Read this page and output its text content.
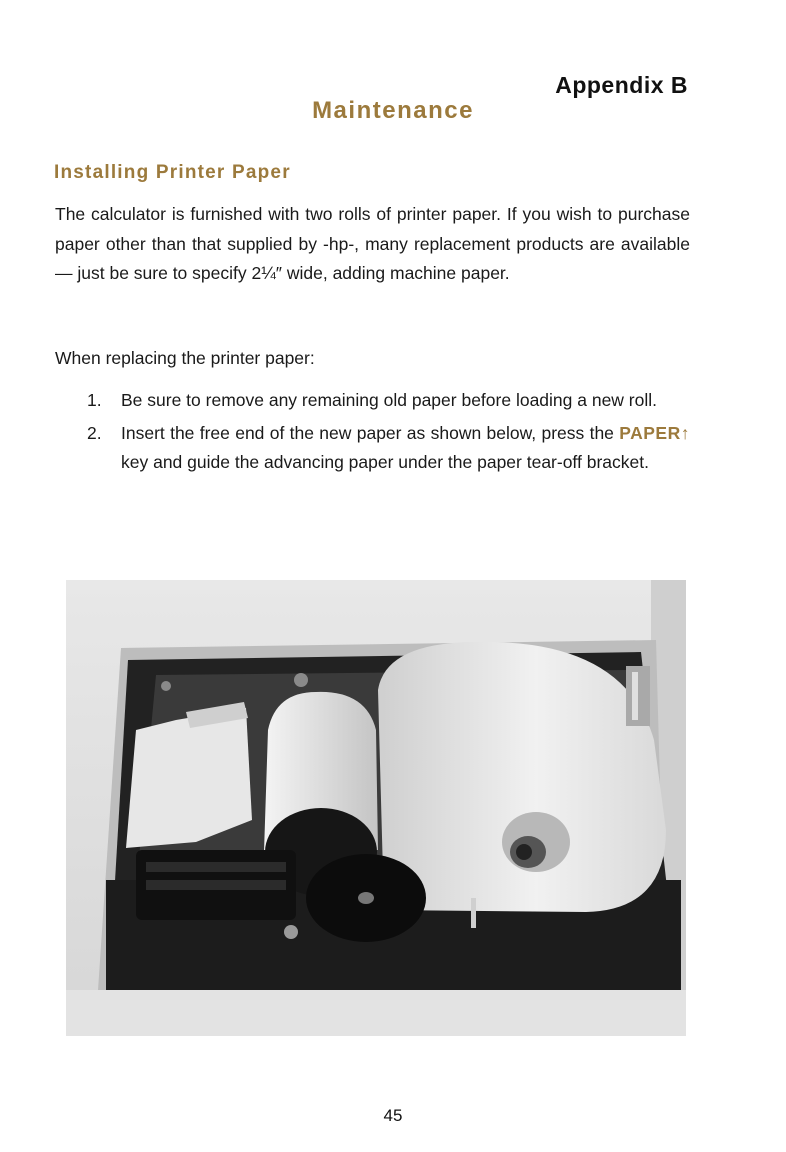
Appendix B
Maintenance
Installing Printer Paper

The calculator is furnished with two rolls of printer paper. If you wish to purchase paper other than that supplied by -hp-, many replacement products are available — just be sure to specify 2¼″ wide, adding machine paper.

When replacing the printer paper:

1. Be sure to remove any remaining old paper before loading a new roll.
2. Insert the free end of the new paper as shown below, press the PAPER↑ key and guide the advancing paper under the paper tear-off bracket.
45
